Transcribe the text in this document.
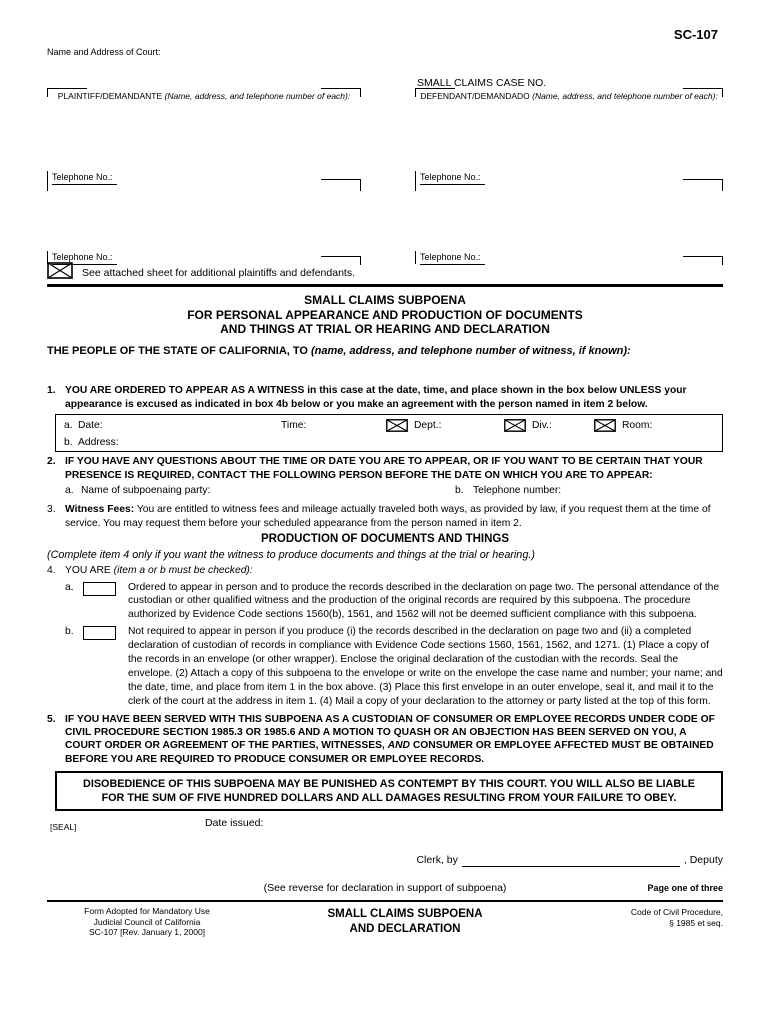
SC-107
Name and Address of Court:
SMALL CLAIMS CASE NO.
PLAINTIFF/DEMANDANTE (Name, address, and telephone number of each):	DEFENDANT/DEMANDADO (Name, address, and telephone number of each):
Telephone No.:	Telephone No.:
Telephone No.:	Telephone No.:
See attached sheet for additional plaintiffs and defendants.
SMALL CLAIMS SUBPOENA
FOR PERSONAL APPEARANCE AND PRODUCTION OF DOCUMENTS
AND THINGS AT TRIAL OR HEARING AND DECLARATION
THE PEOPLE OF THE STATE OF CALIFORNIA, TO (name, address, and telephone number of witness, if known):
1. YOU ARE ORDERED TO APPEAR AS A WITNESS in this case at the date, time, and place shown in the box below UNLESS your appearance is excused as indicated in box 4b below or you make an agreement with the person named in item 2 below.
a. Date:	Time:	Dept.:	Div.:	Room:
b. Address:
2. IF YOU HAVE ANY QUESTIONS ABOUT THE TIME OR DATE YOU ARE TO APPEAR, OR IF YOU WANT TO BE CERTAIN THAT YOUR PRESENCE IS REQUIRED, CONTACT THE FOLLOWING PERSON BEFORE THE DATE ON WHICH YOU ARE TO APPEAR:
a. Name of subpoenaing party:	b. Telephone number:
3. Witness Fees: You are entitled to witness fees and mileage actually traveled both ways, as provided by law, if you request them at the time of service. You may request them before your scheduled appearance from the person named in item 2.
PRODUCTION OF DOCUMENTS AND THINGS
(Complete item 4 only if you want the witness to produce documents and things at the trial or hearing.)
4. YOU ARE (item a or b must be checked):
a.	Ordered to appear in person and to produce the records described in the declaration on page two. The personal attendance of the custodian or other qualified witness and the production of the original records are required by this subpoena. The procedure authorized by Evidence Code sections 1560(b), 1561, and 1562 will not be deemed sufficient compliance with this subpoena.
b.	Not required to appear in person if you produce (i) the records described in the declaration on page two and (ii) a completed declaration of custodian of records in compliance with Evidence Code sections 1560, 1561, 1562, and 1271. (1) Place a copy of the records in an envelope (or other wrapper). Enclose the original declaration of the custodian with the records. Seal the envelope. (2) Attach a copy of this subpoena to the envelope or write on the envelope the case name and number; your name; and the date, time, and place from item 1 in the box above. (3) Place this first envelope in an outer envelope, seal it, and mail it to the clerk of the court at the address in item 1. (4) Mail a copy of your declaration to the attorney or party listed at the top of this form.
5. IF YOU HAVE BEEN SERVED WITH THIS SUBPOENA AS A CUSTODIAN OF CONSUMER OR EMPLOYEE RECORDS UNDER CODE OF CIVIL PROCEDURE SECTION 1985.3 OR 1985.6 AND A MOTION TO QUASH OR AN OBJECTION HAS BEEN SERVED ON YOU, A COURT ORDER OR AGREEMENT OF THE PARTIES, WITNESSES, AND CONSUMER OR EMPLOYEE AFFECTED MUST BE OBTAINED BEFORE YOU ARE REQUIRED TO PRODUCE CONSUMER OR EMPLOYEE RECORDS.
DISOBEDIENCE OF THIS SUBPOENA MAY BE PUNISHED AS CONTEMPT BY THIS COURT. YOU WILL ALSO BE LIABLE FOR THE SUM OF FIVE HUNDRED DOLLARS AND ALL DAMAGES RESULTING FROM YOUR FAILURE TO OBEY.
[SEAL]	Date issued:
Clerk, by	, Deputy
(See reverse for declaration in support of subpoena)	Page one of three
Form Adopted for Mandatory Use
Judicial Council of California
SC-107 [Rev. January 1, 2000]
SMALL CLAIMS SUBPOENA
AND DECLARATION
Code of Civil Procedure,
§ 1985 et seq.
